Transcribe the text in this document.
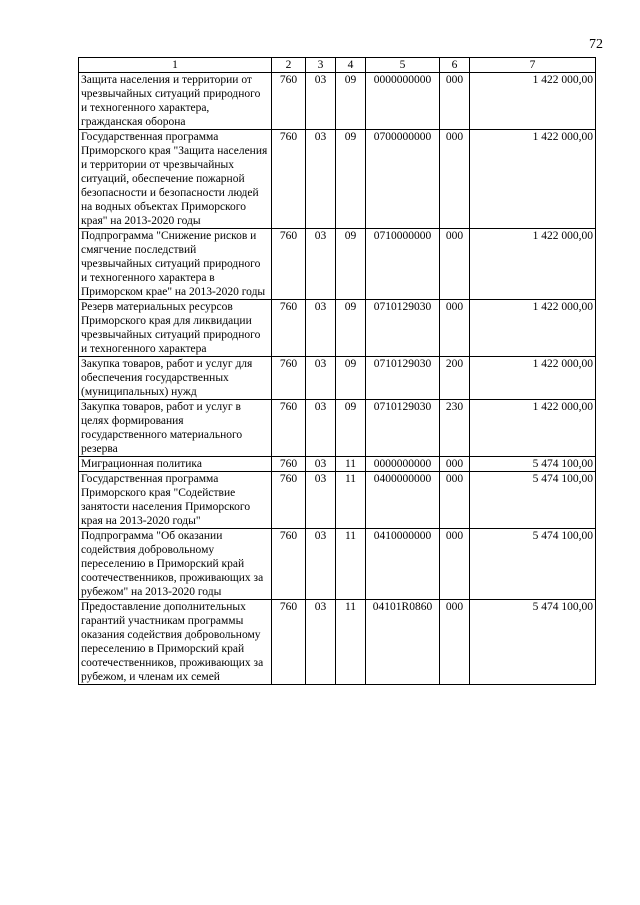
72
1	2	3	4	5	6	7
Защита населения и территории от чрезвычайных ситуаций природного и техногенного характера, гражданская оборона	760	03	09	0000000000	000	1 422 000,00
Государственная программа Приморского края "Защита населения и территории от чрезвычайных ситуаций, обеспечение пожарной безопасности и безопасности людей на водных объектах Приморского края" на 2013-2020 годы	760	03	09	0700000000	000	1 422 000,00
Подпрограмма "Снижение рисков и смягчение последствий чрезвычайных ситуаций природного и техногенного характера в Приморском крае" на 2013-2020 годы	760	03	09	0710000000	000	1 422 000,00
Резерв материальных ресурсов Приморского края для ликвидации чрезвычайных ситуаций природного и техногенного характера	760	03	09	0710129030	000	1 422 000,00
Закупка товаров, работ и услуг для обеспечения государственных (муниципальных) нужд	760	03	09	0710129030	200	1 422 000,00
Закупка товаров, работ и услуг в целях формирования государственного материального резерва	760	03	09	0710129030	230	1 422 000,00
Миграционная политика	760	03	11	0000000000	000	5 474 100,00
Государственная программа Приморского края "Содействие занятости населения Приморского края на 2013-2020 годы"	760	03	11	0400000000	000	5 474 100,00
Подпрограмма "Об оказании содействия добровольному переселению в Приморский край соотечественников, проживающих за рубежом" на 2013-2020 годы	760	03	11	0410000000	000	5 474 100,00
Предоставление дополнительных гарантий участникам программы оказания содействия добровольному переселению в Приморский край соотечественников, проживающих за рубежом, и членам их семей	760	03	11	04101R0860	000	5 474 100,00
